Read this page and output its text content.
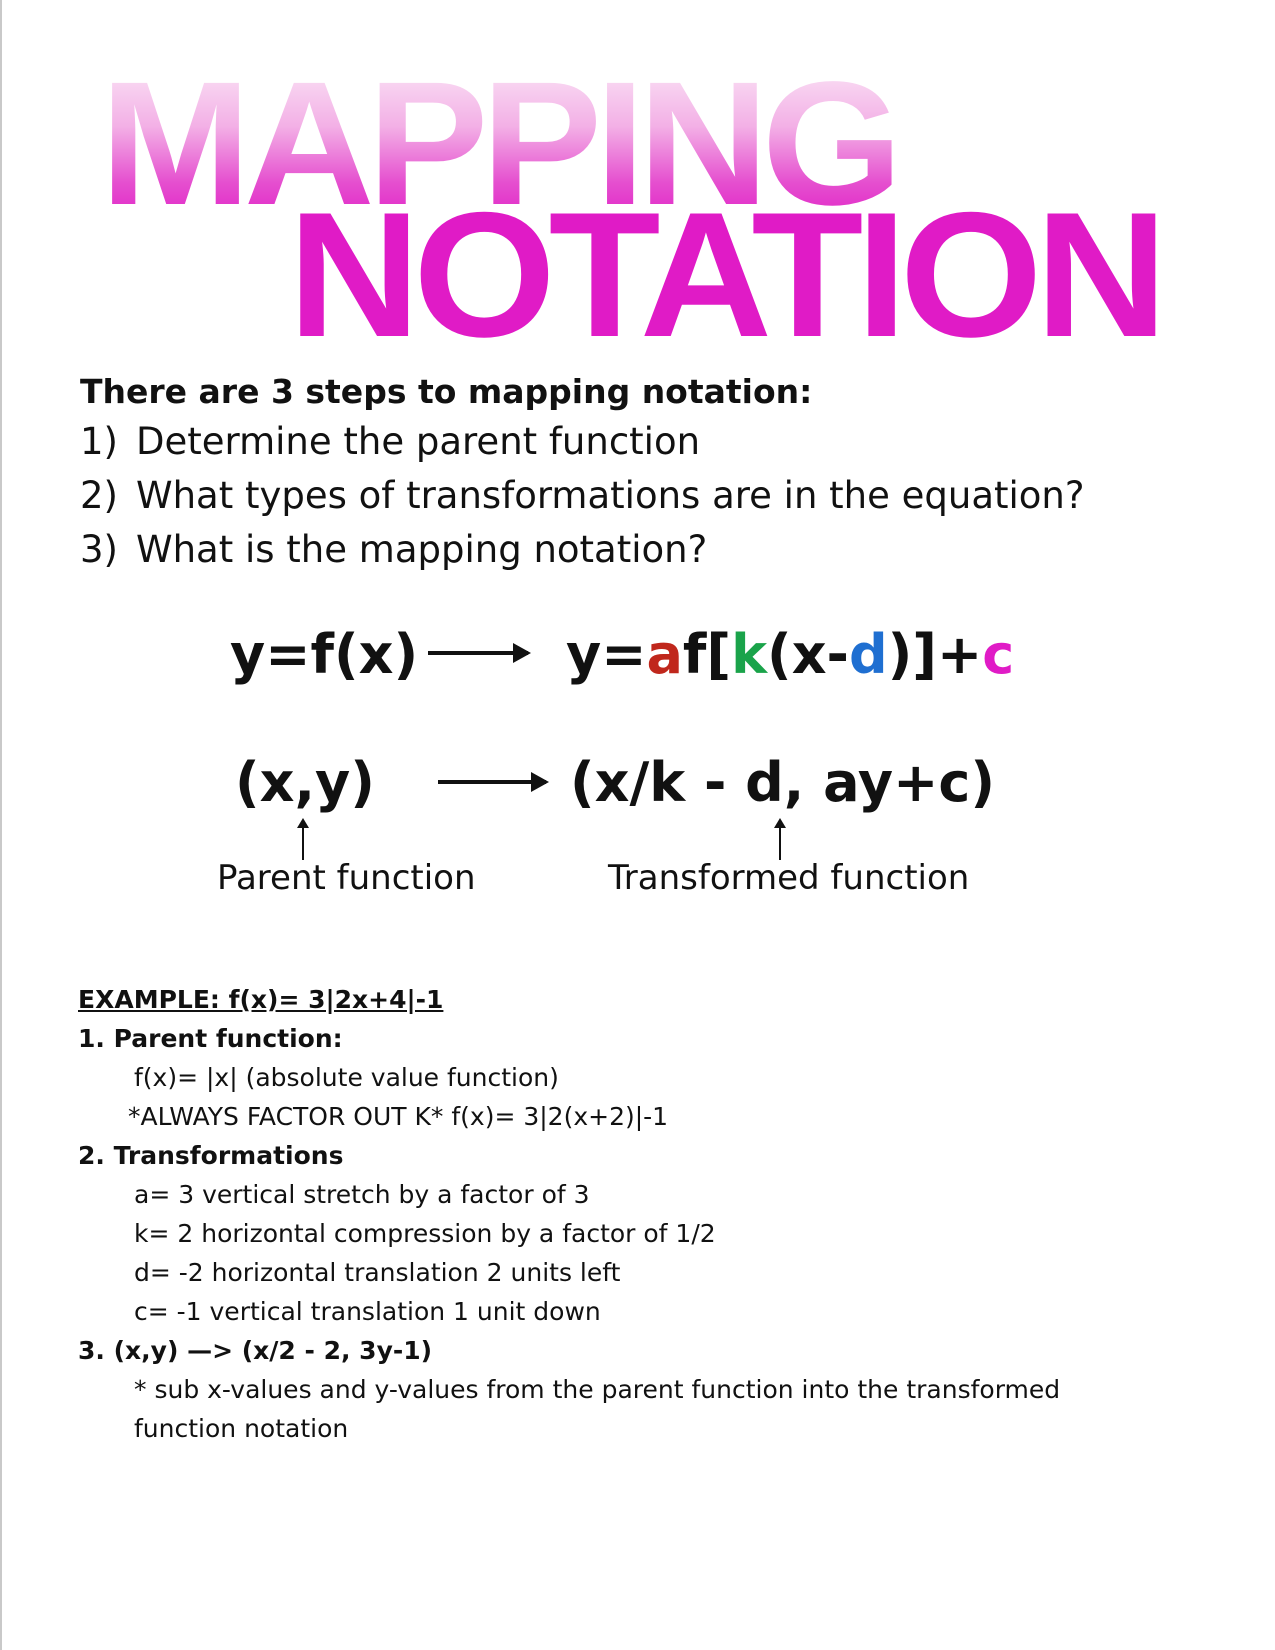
MAPPING
NOTATION
There are 3 steps to mapping notation:
1) Determine the parent function
2) What types of transformations are in the equation?
3) What is the mapping notation?
y=f(x)	y=af[k(x-d)]+c
(x,y)	(x/k - d, ay+c)
Parent function	Transformed function
EXAMPLE: f(x)= 3|2x+4|-1
1. Parent function:
f(x)= |x| (absolute value function)
*ALWAYS FACTOR OUT K* f(x)= 3|2(x+2)|-1
2. Transformations
a= 3 vertical stretch by a factor of 3
k= 2 horizontal compression by a factor of 1/2
d= -2 horizontal translation 2 units left
c= -1 vertical translation 1 unit down
3. (x,y) —> (x/2 - 2, 3y-1)
* sub x-values and y-values from the parent function into the transformed function notation
